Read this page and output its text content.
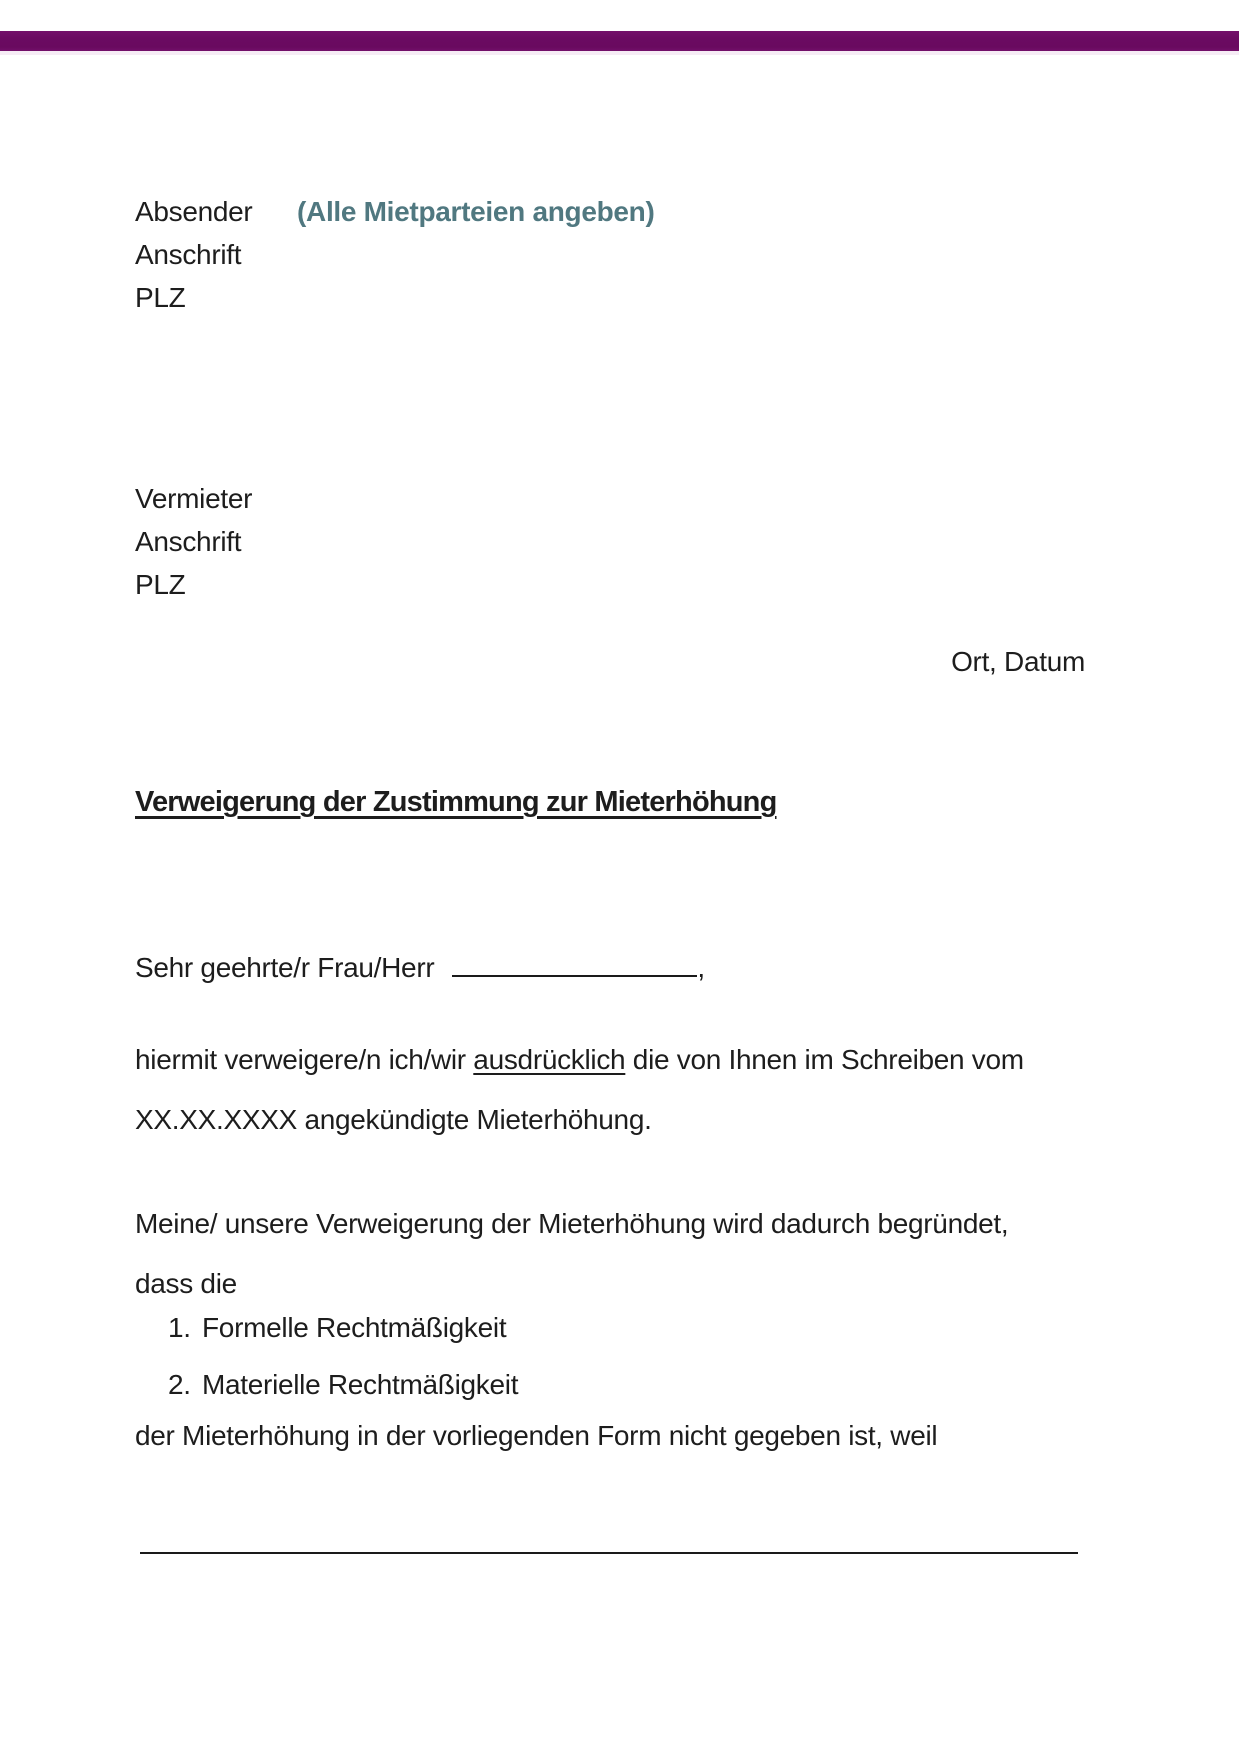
Absender (Alle Mietparteien angeben)
Anschrift
PLZ
Vermieter
Anschrift
PLZ
Ort, Datum
Verweigerung der Zustimmung zur Mieterhöhung
Sehr geehrte/r Frau/Herr	,
hiermit verweigere/n ich/wir ausdrücklich die von Ihnen im Schreiben vom
XX.XX.XXXX angekündigte Mieterhöhung.
Meine/ unsere Verweigerung der Mieterhöhung wird dadurch begründet,
dass die
1. Formelle Rechtmäßigkeit
2. Materielle Rechtmäßigkeit
der Mieterhöhung in der vorliegenden Form nicht gegeben ist, weil
